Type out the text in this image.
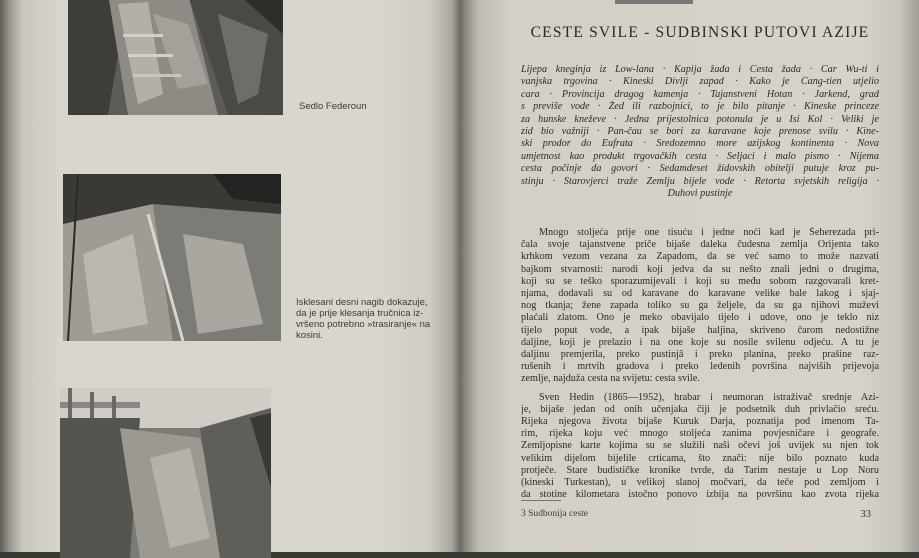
Sedlo Federoun
Isklesani desni nagib dokazuje,
da je prije klesanja tručnica iz-
vršeno potrebno »trasiranje« na
kosini.
CESTE SVILE - SUDBINSKI PUTOVI AZIJE
Lijepa kneginja iz Low-lana · Kapija žada i Cesta žada · Car Wu-ti i
vanjska trgovina · Kineski Divlji zapad · Kako je Čang-tien utjelio
cara · Provincija dragog kamenja · Tajanstveni Hotan · Jarkend, grad
s previše vode · Žed ili razbojnici, to je bilo pitanje · Kineske princeze
za hunske kneževe · Jedna prijestolnica potonula je u Isi Kol · Veliki je
zid bio važniji · Pan-čau se bori za karavane koje prenose svilu · Kine-
ski prodor do Eufrata · Sredozemno more azijskog kontinenta · Nova
umjetnost kao produkt trgovačkih cesta · Seljaci i malo pismo · Nijema
cesta počinje da govori · Sedamdeset židovskih obitelji putuje kroz pu-
stinju · Starovjerci traže Zemlju bijele vode · Retorta svjetskih religija ·
Duhovi pustinje
Mnogo stoljeća prije one tisuću i jedne noći kad je Šeherezada pri-
čala svoje tajanstvene priče bijaše daleka čudesna zemlja Orijenta tako
krhkom vezom vezana za Zapadom, da se već samo to može nazvati
bajkom stvarnosti: narodi koji jedva da su nešto znali jedni o drugima,
koji su se teško sporazumijevali i koji su među sobom razgovarali kret-
njama, dodavali su od karavane do karavane velike bale lakog i sjaj-
nog tkanja; žene zapada toliko su ga željele, da su ga njihovi muževi
plaćali zlatom. Ono je meko obavijalo tijelo i udove, ono je teklo niz
tijelo poput vode, a ipak bijaše haljina, skriveno čarom nedostižne
daljine, koji je prelazio i na one koje su nosile svilenu odjeću. A tu je
daljinu premjerila, preko pustinjâ i preko planina, preko prašine raz-
rušenih i mrtvih gradova i preko ledenih površina najviših prijevoja
zemlje, najduža cesta na svijetu: cesta svile.
Sven Hedin (1865—1952), hrabar i neumoran istraživač srednje Azi-
je, bijaše jedan od onih učenjaka čiji je podsetnik duh privlačio sreću.
Rijeka njegova života bijaše Kuruk Darja, poznatija pod imenom Ta-
rim, rijeka koju već mnogo stoljeća zanima povjesničare i geografe.
Zemljopisne karte kojima su se služili naši očevi još uvijek su njen tok
velikim dijelom bijelile crticama, što znači: nije bilo poznato kuda
protječe. Stare budističke kronike tvrde, da Tarim nestaje u Lop Noru
(kineski Turkestan), u velikoj slanoj močvari, da teče pod zemljom i
da stotine kilometara istočno ponovo izbija na površinu kao zvota rijeka
3 Sudbonija ceste	33
